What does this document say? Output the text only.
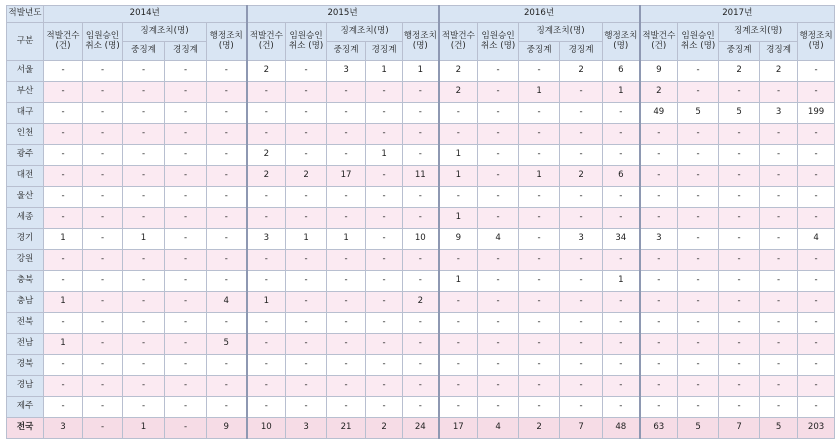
적발년도	2014년					2015년					2016년					2017년				
구분	적발건수 (건)	임원승인 취소 (명)	징계조치(명)		행정조치 (명)	적발건수 (건)	임원승인 취소 (명)	징계조치(명)		행정조치 (명)	적발건수 (건)	임원승인 취소 (명)	징계조치(명)		행정조치 (명)	적발건수 (건)	임원승인 취소 (명)	징계조치(명)		행정조치 (명)
			중징계	경징계				중징계	경징계				중징계	경징계				중징계	경징계	
서울	-	-	-	-	-	2	-	3	1	1	2	-	-	2	6	9	-	2	2	-
부산	-	-	-	-	-	-	-	-	-	-	2	-	1	-	1	2	-	-	-	-
대구	-	-	-	-	-	-	-	-	-	-	-	-	-	-	-	49	5	5	3	199
인천	-	-	-	-	-	-	-	-	-	-	-	-	-	-	-	-	-	-	-	-
광주	-	-	-	-	-	2	-	-	1	-	1	-	-	-	-	-	-	-	-	-
대전	-	-	-	-	-	2	2	17	-	11	1	-	1	2	6	-	-	-	-	-
울산	-	-	-	-	-	-	-	-	-	-	-	-	-	-	-	-	-	-	-	-
세종	-	-	-	-	-	-	-	-	-	-	1	-	-	-	-	-	-	-	-	-
경기	1	-	1	-	-	3	1	1	-	10	9	4	-	3	34	3	-	-	-	4
강원	-	-	-	-	-	-	-	-	-	-	-	-	-	-	-	-	-	-	-	-
충북	-	-	-	-	-	-	-	-	-	-	1	-	-	-	1	-	-	-	-	-
충남	1	-	-	-	4	1	-	-	-	2	-	-	-	-	-	-	-	-	-	-
전북	-	-	-	-	-	-	-	-	-	-	-	-	-	-	-	-	-	-	-	-
전남	1	-	-	-	5	-	-	-	-	-	-	-	-	-	-	-	-	-	-	-
경북	-	-	-	-	-	-	-	-	-	-	-	-	-	-	-	-	-	-	-	-
경남	-	-	-	-	-	-	-	-	-	-	-	-	-	-	-	-	-	-	-	-
제주	-	-	-	-	-	-	-	-	-	-	-	-	-	-	-	-	-	-	-	-
전국	3	-	1	-	9	10	3	21	2	24	17	4	2	7	48	63	5	7	5	203
